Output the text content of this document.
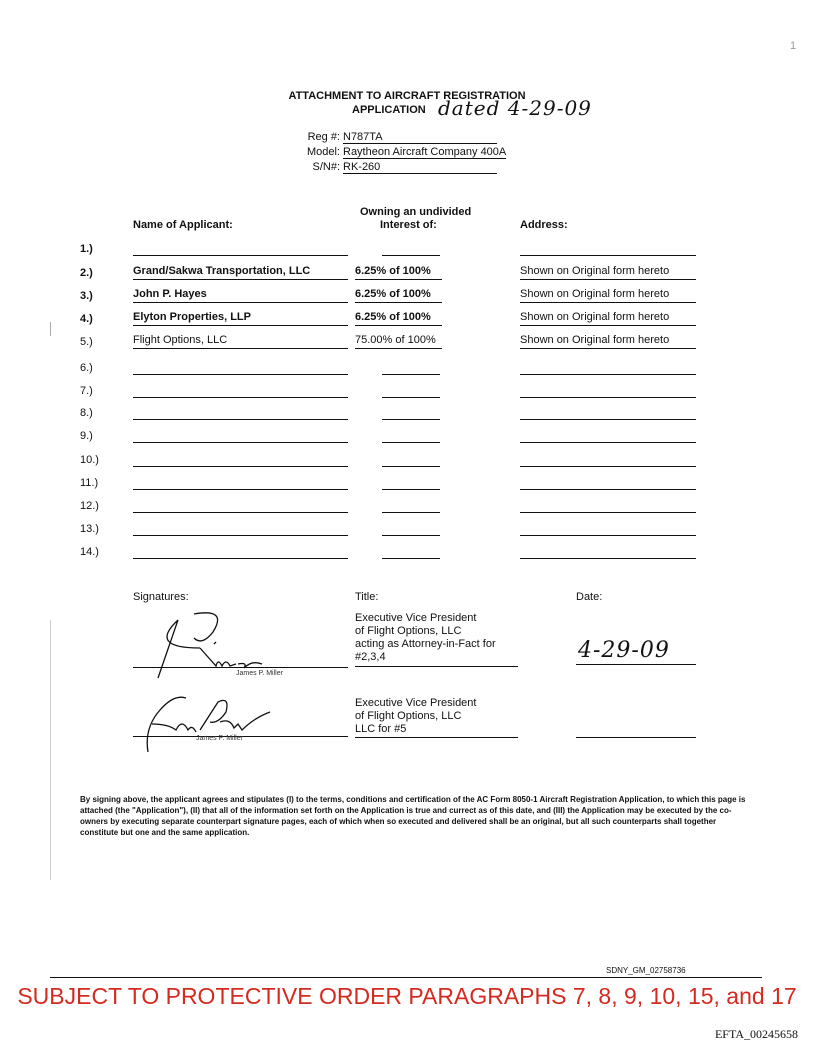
1
ATTACHMENT TO AIRCRAFT REGISTRATION
APPLICATION dated 4-29-09
Reg #: N787TA
Model: Raytheon Aircraft Company 400A
S/N#: RK-260
Name of Applicant:
Owning an undivided
Interest of:	Address:
1.)
2.)	Grand/Sakwa Transportation, LLC	6.25% of 100%	Shown on Original form hereto
3.)	John P. Hayes	6.25% of 100%	Shown on Original form hereto
4.)	Elyton Properties, LLP	6.25% of 100%	Shown on Original form hereto
5.)	Flight Options, LLC	75.00% of 100%	Shown on Original form hereto
6.)
7.)
8.)
9.)
10.)
11.)
12.)
13.)
14.)
Signatures:	Title:	Date:
James P. Miller
Executive Vice President
of Flight Options, LLC
acting as Attorney-in-Fact for
#2,3,4	4-29-09
James P. Miller
Executive Vice President
of Flight Options, LLC
LLC for #5
By signing above, the applicant agrees and stipulates (I) to the terms, conditions and certification of the AC Form 8050-1 Aircraft Registration Application, to which this page is attached (the "Application"), (II) that all of the information set forth on the Application is true and currect as of this date, and (III) the Application may be executed by the co-owners by executing separate counterpart signature pages, each of which when so executed and delivered shall be an original, but all such counterparts shall together constitute but one and the same application.
SDNY_GM_02758736
SUBJECT TO PROTECTIVE ORDER PARAGRAPHS 7, 8, 9, 10, 15, and 17
EFTA_00245658
